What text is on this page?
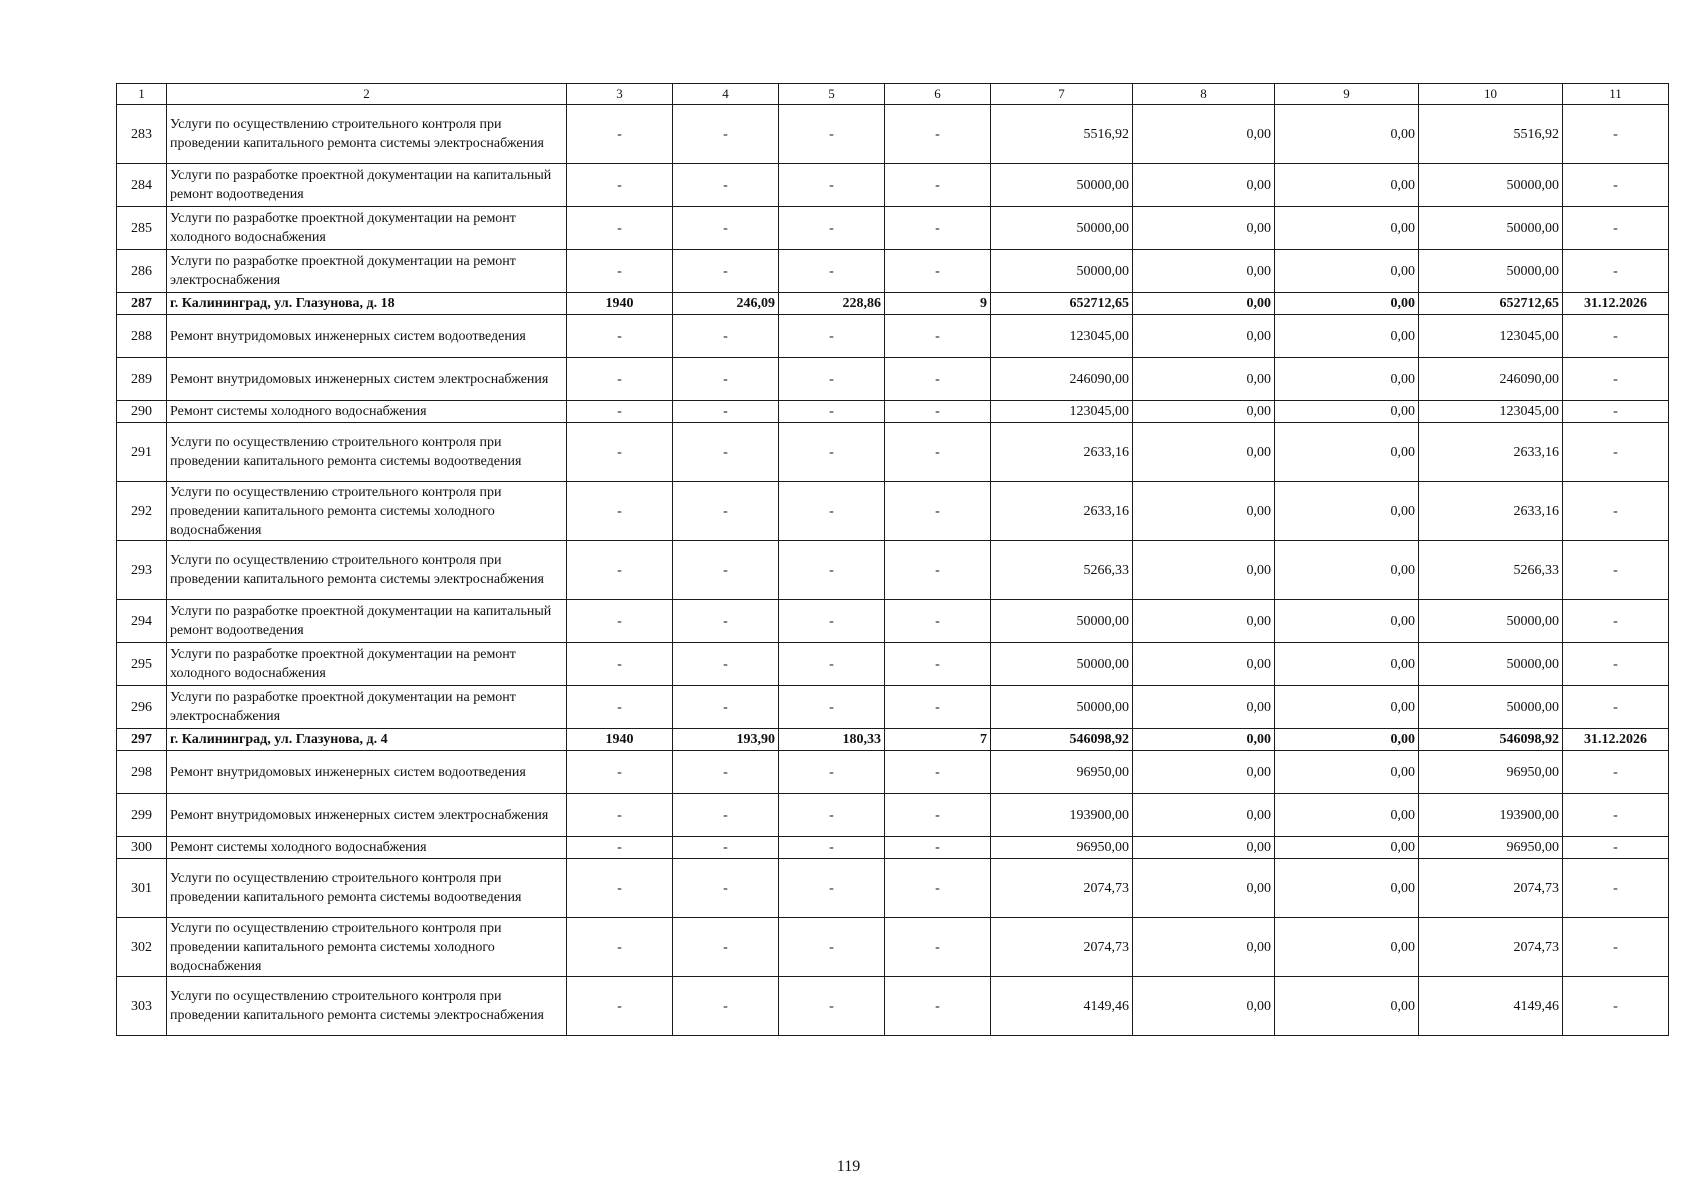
1	2	3	4	5	6	7	8	9	10	11
283	Услуги по осуществлению строительного контроля при проведении капитального ремонта системы электроснабжения	-	-	-	-	5516,92	0,00	0,00	5516,92	-
284	Услуги по разработке проектной документации на капитальный ремонт водоотведения	-	-	-	-	50000,00	0,00	0,00	50000,00	-
285	Услуги по разработке проектной документации на ремонт холодного водоснабжения	-	-	-	-	50000,00	0,00	0,00	50000,00	-
286	Услуги по разработке проектной документации на ремонт электроснабжения	-	-	-	-	50000,00	0,00	0,00	50000,00	-
287	г. Калининград, ул. Глазунова, д. 18	1940	246,09	228,86	9	652712,65	0,00	0,00	652712,65	31.12.2026
288	Ремонт внутридомовых инженерных систем водоотведения	-	-	-	-	123045,00	0,00	0,00	123045,00	-
289	Ремонт внутридомовых инженерных систем электроснабжения	-	-	-	-	246090,00	0,00	0,00	246090,00	-
290	Ремонт системы холодного водоснабжения	-	-	-	-	123045,00	0,00	0,00	123045,00	-
291	Услуги по осуществлению строительного контроля при проведении капитального ремонта системы водоотведения	-	-	-	-	2633,16	0,00	0,00	2633,16	-
292	Услуги по осуществлению строительного контроля при проведении капитального ремонта системы холодного водоснабжения	-	-	-	-	2633,16	0,00	0,00	2633,16	-
293	Услуги по осуществлению строительного контроля при проведении капитального ремонта системы электроснабжения	-	-	-	-	5266,33	0,00	0,00	5266,33	-
294	Услуги по разработке проектной документации на капитальный ремонт водоотведения	-	-	-	-	50000,00	0,00	0,00	50000,00	-
295	Услуги по разработке проектной документации на ремонт холодного водоснабжения	-	-	-	-	50000,00	0,00	0,00	50000,00	-
296	Услуги по разработке проектной документации на ремонт электроснабжения	-	-	-	-	50000,00	0,00	0,00	50000,00	-
297	г. Калининград, ул. Глазунова, д. 4	1940	193,90	180,33	7	546098,92	0,00	0,00	546098,92	31.12.2026
298	Ремонт внутридомовых инженерных систем водоотведения	-	-	-	-	96950,00	0,00	0,00	96950,00	-
299	Ремонт внутридомовых инженерных систем электроснабжения	-	-	-	-	193900,00	0,00	0,00	193900,00	-
300	Ремонт системы холодного водоснабжения	-	-	-	-	96950,00	0,00	0,00	96950,00	-
301	Услуги по осуществлению строительного контроля при проведении капитального ремонта системы водоотведения	-	-	-	-	2074,73	0,00	0,00	2074,73	-
302	Услуги по осуществлению строительного контроля при проведении капитального ремонта системы холодного водоснабжения	-	-	-	-	2074,73	0,00	0,00	2074,73	-
303	Услуги по осуществлению строительного контроля при проведении капитального ремонта системы электроснабжения	-	-	-	-	4149,46	0,00	0,00	4149,46	-
119
